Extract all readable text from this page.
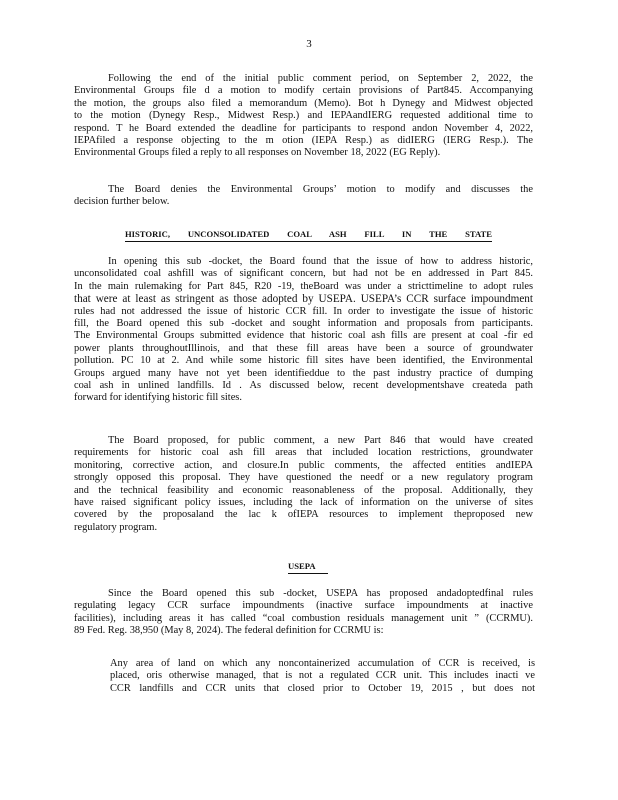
3
Following the end of the initial public comment period, on September 2, 2022, the
Environmental Groups file d a motion to modify certain provisions of Part845. Accompanying
the motion, the groups also filed a memorandum (Memo). Bot h Dynegy and Midwest objected
to the motion (Dynegy Resp., Midwest Resp.) and IEPAandIERG requested additional time to
respond. T he Board extended the deadline for participants to respond andon November 4, 2022,
IEPAfiled a response objecting to the m otion (IEPA Resp.) as didIERG (IERG Resp.). The
Environmental Groups filed a reply to all responses on November 18, 2022 (EG Reply).
The Board denies the Environmental Groups’ motion to modify and discusses the
decision further below.
HISTORIC, UNCONSOLIDATED COAL ASH FILL IN THE STATE
In opening this sub -docket, the Board found that the issue of how to address historic,
unconsolidated coal ashfill was of significant concern, but had not be en addressed in Part 845.
In the main rulemaking for Part 845, R20 -19, theBoard was under a stricttimeline to adopt rules
that were at least as stringent as those adopted by USEPA. USEPA’s CCR surface impoundment
rules had not addressed the issue of historic CCR fill. In order to investigate the issue of historic
fill, the Board opened this sub -docket and sought information and proposals from participants.
The Environmental Groups submitted evidence that historic coal ash fills are present at coal -fir ed
power plants throughoutIllinois, and that these fill areas have been a source of groundwater
pollution. PC 10 at 2. And while some historic fill sites have been identified, the Environmental
Groups argued many have not yet been identifieddue to the past industry practice of dumping
coal ash in unlined landfills. Id . As discussed below, recent developmentshave createda path
forward for identifying historic fill sites.
The Board proposed, for public comment, a new Part 846 that would have created
requirements for historic coal ash fill areas that included location restrictions, groundwater
monitoring, corrective action, and closure.In public comments, the affected entities andIEPA
strongly opposed this proposal. They have questioned the needf or a new regulatory program
and the technical feasibility and economic reasonableness of the proposal. Additionally, they
have raised significant policy issues, including the lack of information on the universe of sites
covered by the proposaland the lac k ofIEPA resources to implement theproposed new
regulatory program.
USEPA
Since the Board opened this sub -docket, USEPA has proposed andadoptedfinal rules
regulating legacy CCR surface impoundments (inactive surface impoundments at inactive
facilities), including areas it has called “coal combustion residuals management unit ” (CCRMU).
89 Fed. Reg. 38,950 (May 8, 2024). The federal definition for CCRMU is:
Any area of land on which any noncontainerized accumulation of CCR is received, is
placed, oris otherwise managed, that is not a regulated CCR unit. This includes inacti ve
CCR landfills and CCR units that closed prior to October 19, 2015 , but does not
